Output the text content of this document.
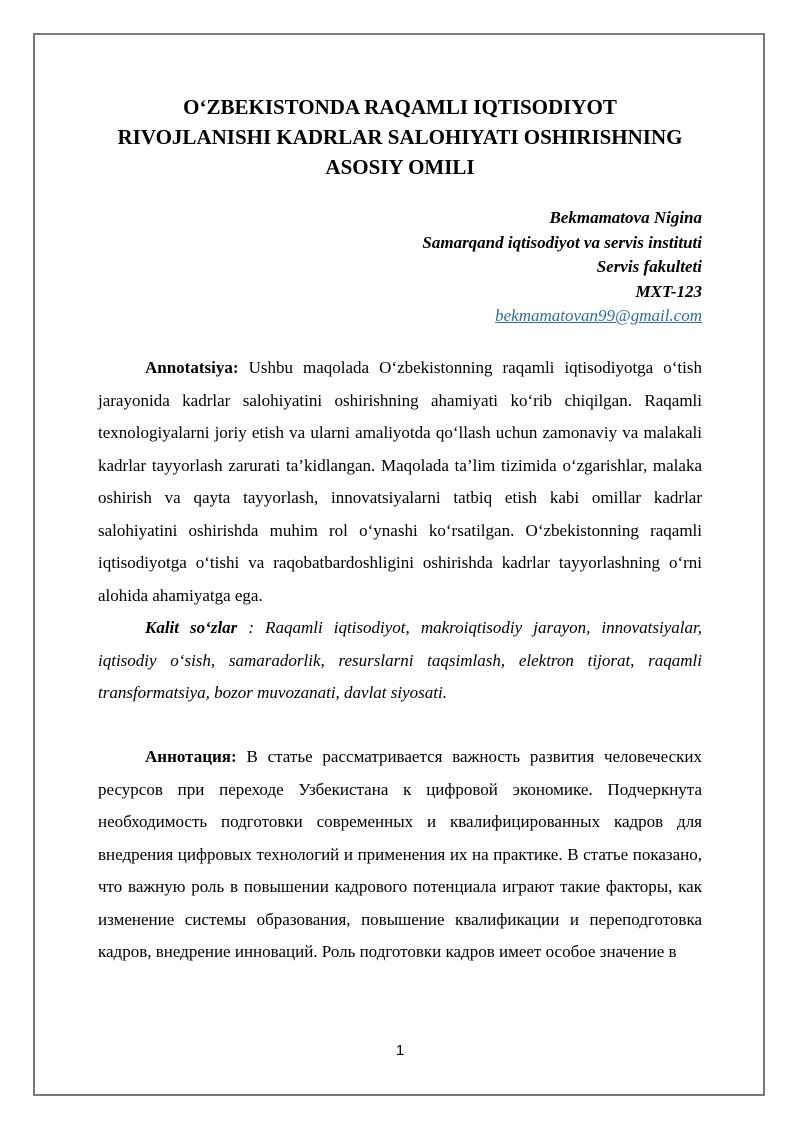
O‘ZBEKISTONDA RAQAMLI IQTISODIYOT
RIVOJLANISHI KADRLAR SALOHIYATI OSHIRISHNING
ASOSIY OMILI
Bekmamatova Nigina
Samarqand iqtisodiyot va servis instituti
Servis fakulteti
MXT-123
bekmamatovan99@gmail.com

Annotatsiya: Ushbu maqolada O‘zbekistonning raqamli iqtisodiyotga o‘tish jarayonida kadrlar salohiyatini oshirishning ahamiyati ko‘rib chiqilgan. Raqamli texnologiyalarni joriy etish va ularni amaliyotda qo‘llash uchun zamonaviy va malakali kadrlar tayyorlash zarurati ta’kidlangan. Maqolada ta’lim tizimida o‘zgarishlar, malaka oshirish va qayta tayyorlash, innovatsiyalarni tatbiq etish kabi omillar kadrlar salohiyatini oshirishda muhim rol o‘ynashi ko‘rsatilgan. O‘zbekistonning raqamli iqtisodiyotga o‘tishi va raqobatbardoshligini oshirishda kadrlar tayyorlashning o‘rni alohida ahamiyatga ega.

Kalit so‘zlar : Raqamli iqtisodiyot, makroiqtisodiy jarayon, innovatsiyalar, iqtisodiy o‘sish, samaradorlik, resurslarni taqsimlash, elektron tijorat, raqamli transformatsiya, bozor muvozanati, davlat siyosati.

Аннотация: В статье рассматривается важность развития человеческих ресурсов при переходе Узбекистана к цифровой экономике. Подчеркнута необходимость подготовки современных и квалифицированных кадров для внедрения цифровых технологий и применения их на практике. В статье показано, что важную роль в повышении кадрового потенциала играют такие факторы, как изменение системы образования, повышение квалификации и переподготовка кадров, внедрение инноваций. Роль подготовки кадров имеет особое значение в

1
